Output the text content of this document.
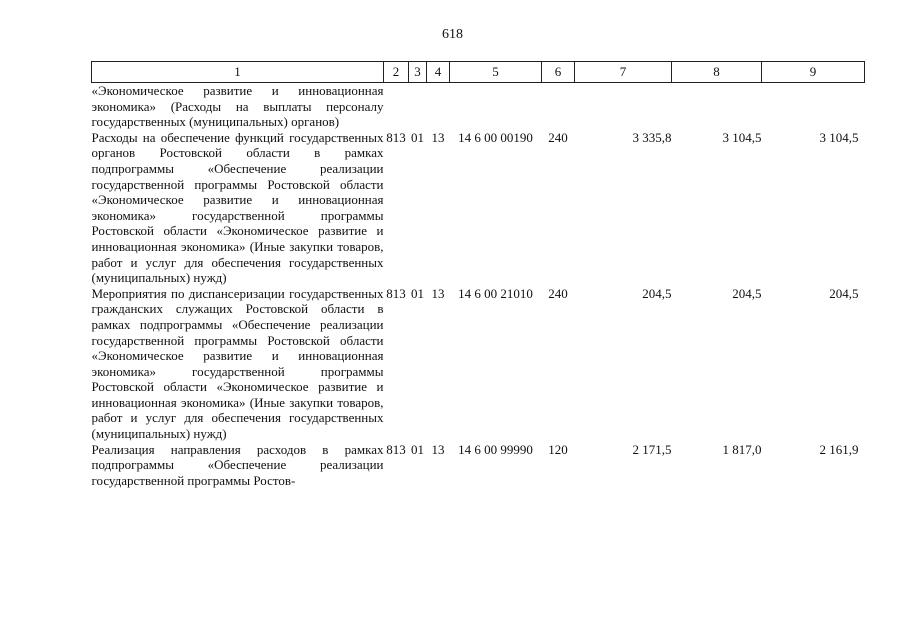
618
1	2	3	4	5	6	7	8	9
«Экономическое развитие и инновационная экономика» (Расходы на выплаты персоналу государственных (муниципальных) органов)								
Расходы на обеспечение функций государственных органов Ростовской области в рамках подпрограммы «Обеспечение реализации государственной программы Ростовской области «Экономическое развитие и инновационная экономика» государственной программы Ростовской области «Экономическое развитие и инновационная экономика» (Иные закупки товаров, работ и услуг для обеспечения государственных (муниципальных) нужд)	813	01	13	14 6 00 00190	240	3 335,8	3 104,5	3 104,5
Мероприятия по диспансеризации государственных гражданских служащих Ростовской области в рамках подпрограммы «Обеспечение реализации государственной программы Ростовской области «Экономическое развитие и инновационная экономика» государственной программы Ростовской области «Экономическое развитие и инновационная экономика» (Иные закупки товаров, работ и услуг для обеспечения государственных (муниципальных) нужд)	813	01	13	14 6 00 21010	240	204,5	204,5	204,5
Реализация направления расходов в рамках подпрограммы «Обеспечение реализации государственной программы Ростов-	813	01	13	14 6 00 99990	120	2 171,5	1 817,0	2 161,9
